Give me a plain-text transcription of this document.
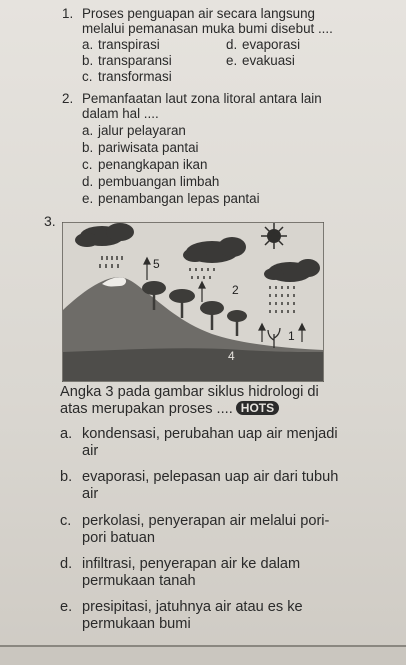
1. Proses penguapan air secara langsung
melalui pemanasan muka bumi disebut ....
a. transpirasi	d. evaporasi
b. transparansi	e. evakuasi
c. transformasi
2. Pemanfaatan laut zona litoral antara lain
dalam hal ....
a. jalur pelayaran
b. pariwisata pantai
c. penangkapan ikan
d. pembuangan limbah
e. penambangan lepas pantai
3.
5
2
1
4
Angka 3 pada gambar siklus hidrologi di
atas merupakan proses .... HOTS
a. kondensasi, perubahan uap air menjadi
air
b. evaporasi, pelepasan uap air dari tubuh
air
c. perkolasi, penyerapan air melalui pori-
pori batuan
d. infiltrasi, penyerapan air ke dalam
permukaan tanah
e. presipitasi, jatuhnya air atau es ke
permukaan bumi
